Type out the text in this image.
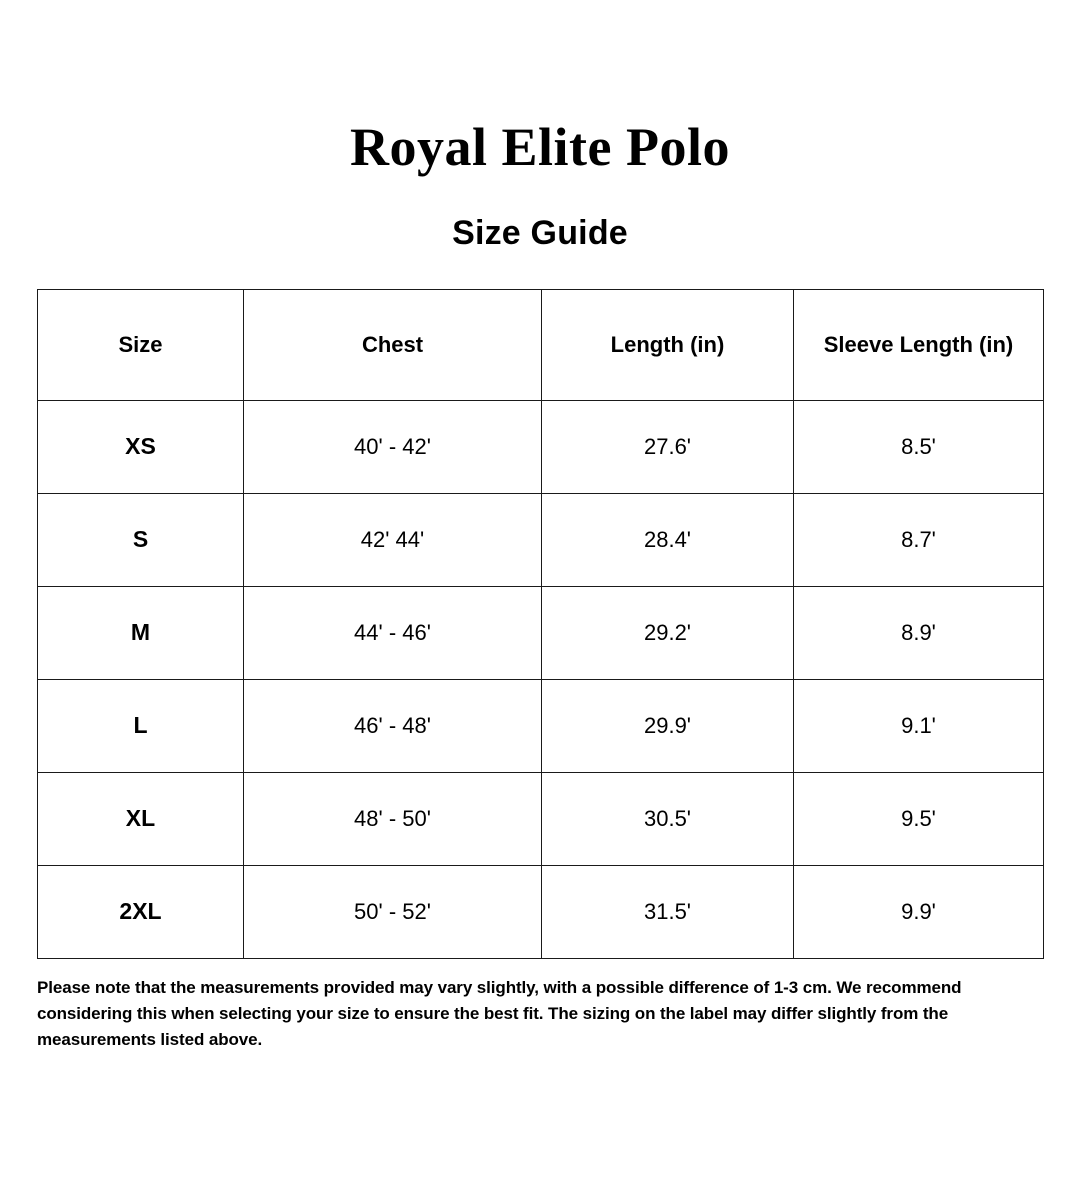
Royal Elite Polo
Size Guide
Size	Chest	Length (in)	Sleeve Length (in)
XS	40' - 42'	27.6'	8.5'
S	42' 44'	28.4'	8.7'
M	44' - 46'	29.2'	8.9'
L	46' - 48'	29.9'	9.1'
XL	48' - 50'	30.5'	9.5'
2XL	50' - 52'	31.5'	9.9'

Please note that the measurements provided may vary slightly, with a possible difference of 1-3 cm. We recommend considering this when selecting your size to ensure the best fit. The sizing on the label may differ slightly from the measurements listed above.
